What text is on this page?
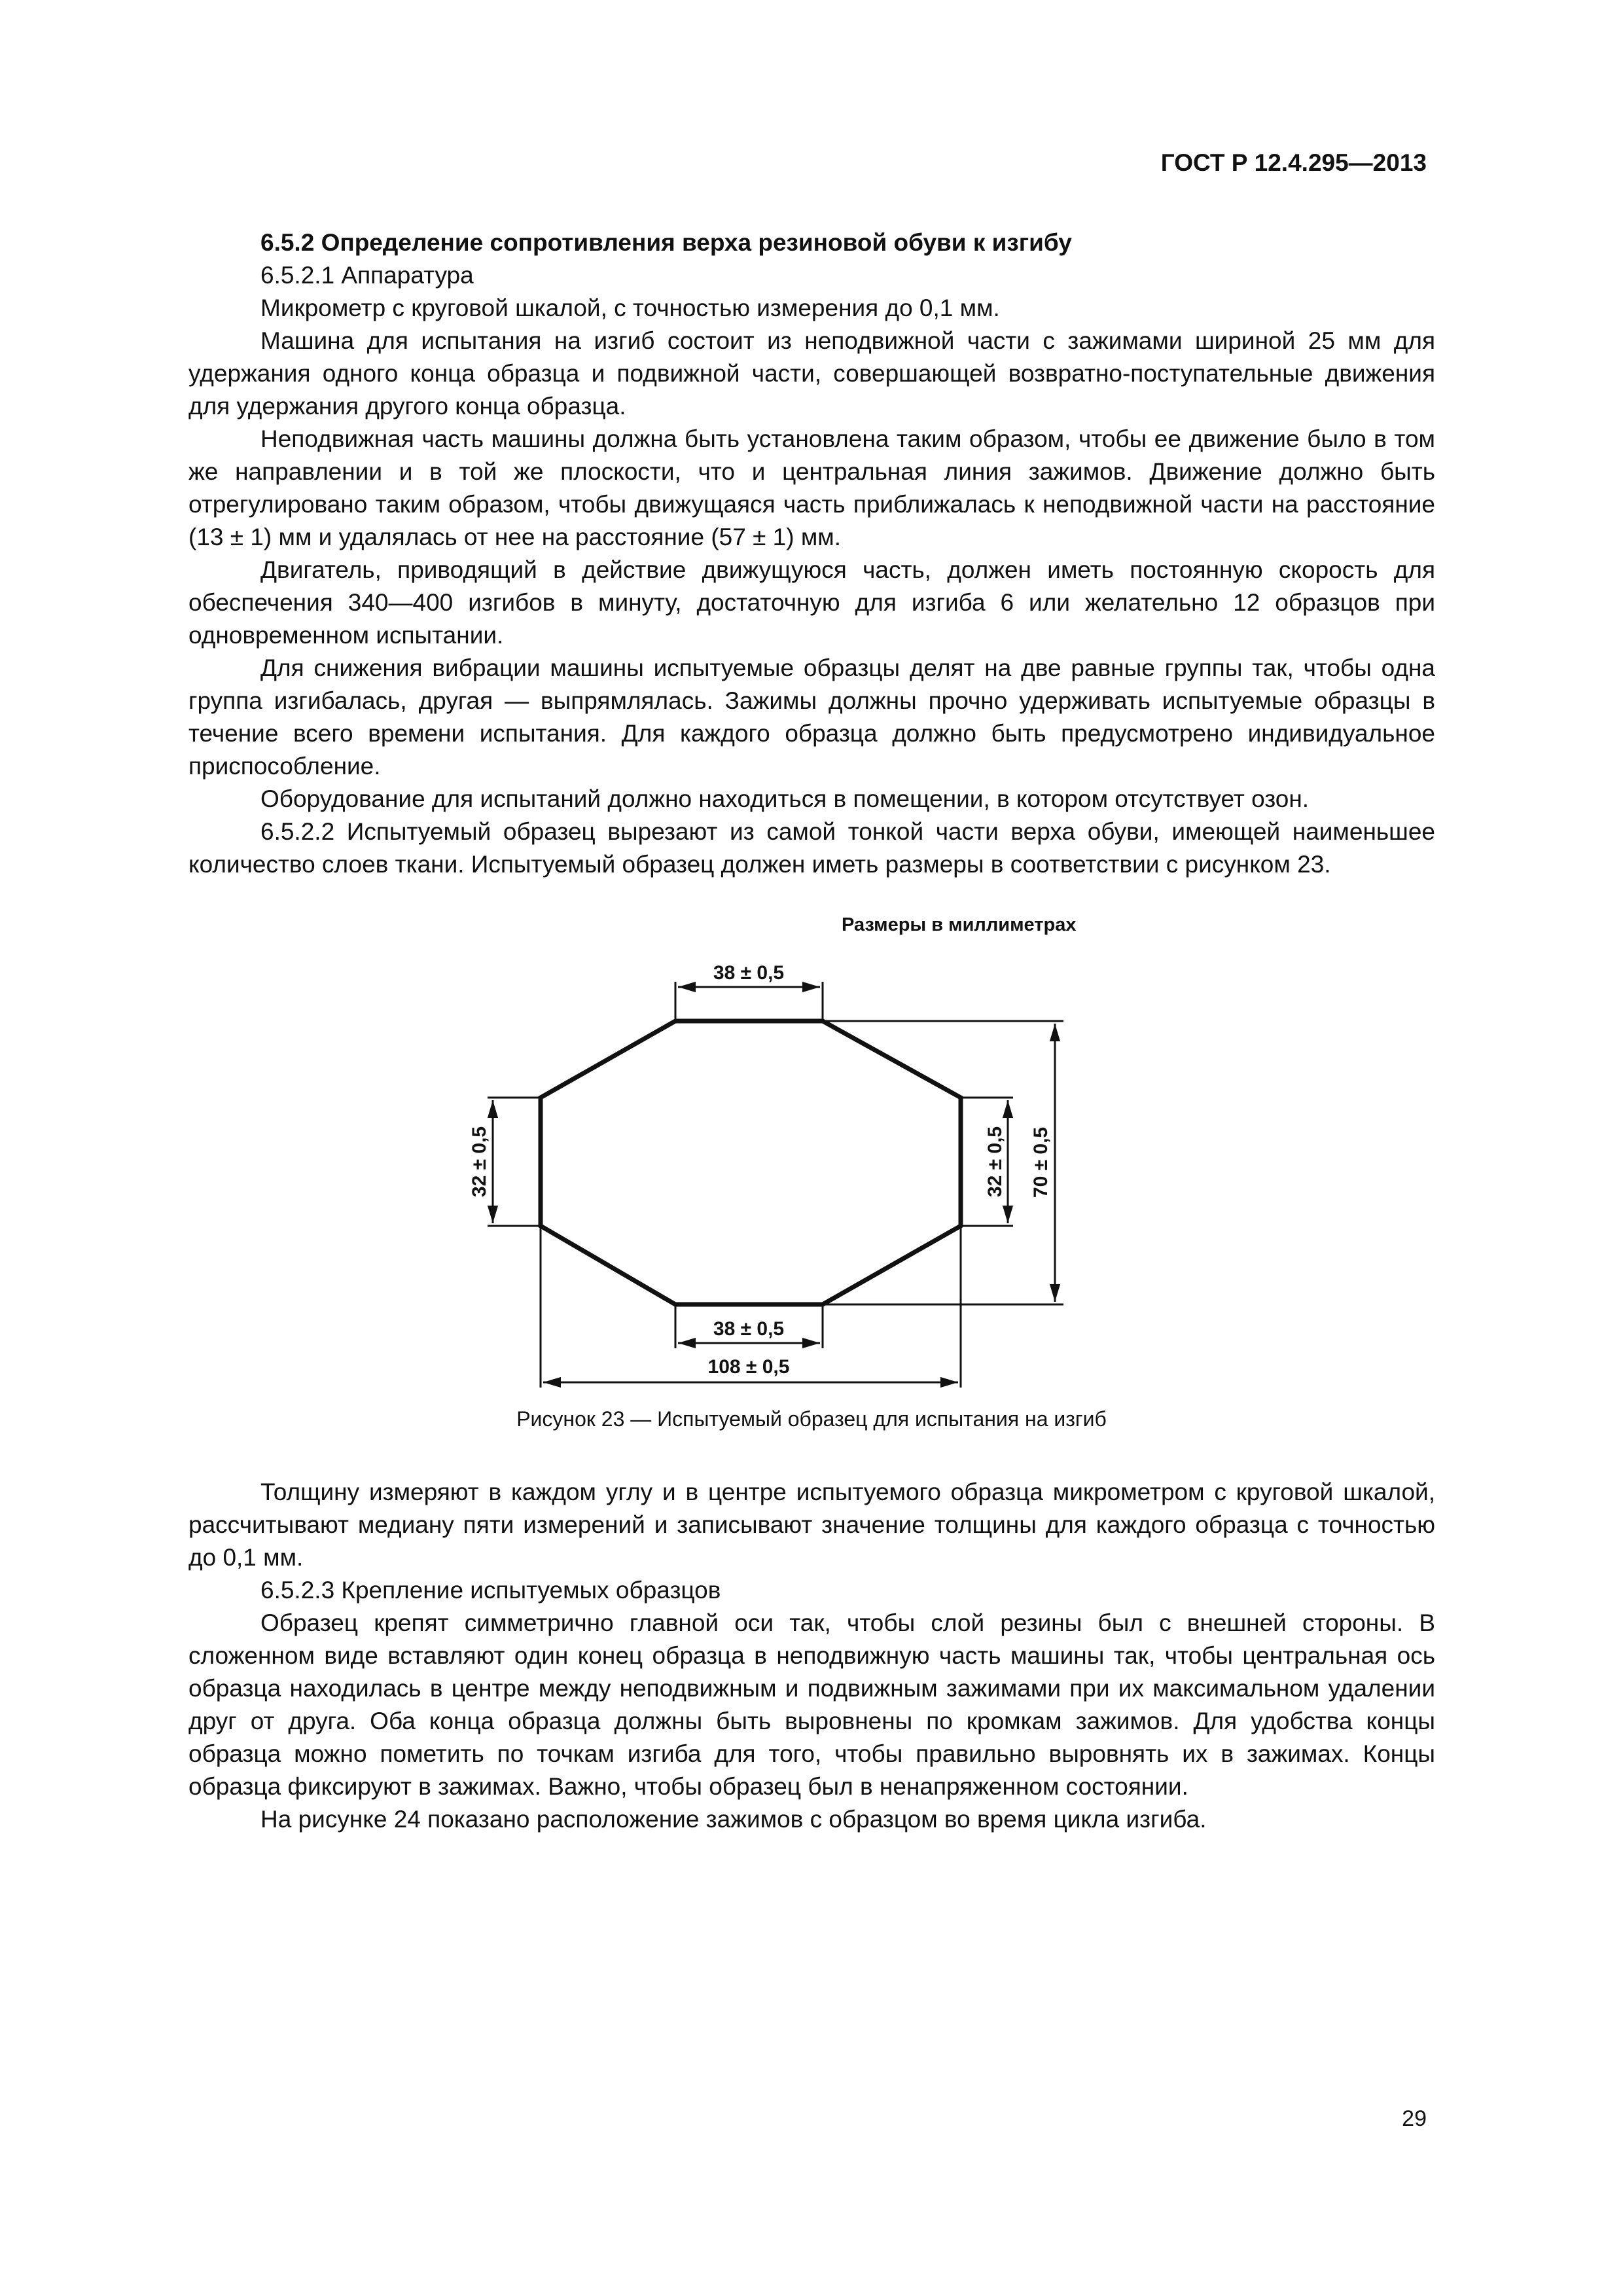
ГОСТ Р 12.4.295—2013

6.5.2 Определение сопротивления верха резиновой обуви к изгибу

6.5.2.1 Аппаратура

Микрометр с круговой шкалой, с точностью измерения до 0,1 мм.

Машина для испытания на изгиб состоит из неподвижной части с зажимами шириной 25 мм для удержания одного конца образца и подвижной части, совершающей возвратно-поступательные движения для удержания другого конца образца.

Неподвижная часть машины должна быть установлена таким образом, чтобы ее движение было в том же направлении и в той же плоскости, что и центральная линия зажимов. Движение должно быть отрегулировано таким образом, чтобы движущаяся часть приближалась к неподвижной части на расстояние (13 ± 1) мм и удалялась от нее на расстояние (57 ± 1) мм.

Двигатель, приводящий в действие движущуюся часть, должен иметь постоянную скорость для обеспечения 340—400 изгибов в минуту, достаточную для изгиба 6 или желательно 12 образцов при одновременном испытании.

Для снижения вибрации машины испытуемые образцы делят на две равные группы так, чтобы одна группа изгибалась, другая — выпрямлялась. Зажимы должны прочно удерживать испытуемые образцы в течение всего времени испытания. Для каждого образца должно быть предусмотрено индивидуальное приспособление.

Оборудование для испытаний должно находиться в помещении, в котором отсутствует озон.

6.5.2.2 Испытуемый образец вырезают из самой тонкой части верха обуви, имеющей наименьшее количество слоев ткани. Испытуемый образец должен иметь размеры в соответствии с рисунком 23.

Размеры в миллиметрах
38 ± 0,5
38 ± 0,5
108 ± 0,5
32 ± 0,5	32 ± 0,5 70 ± 0,5
Рисунок 23 — Испытуемый образец для испытания на изгиб

Толщину измеряют в каждом углу и в центре испытуемого образца микрометром с круговой шкалой, рассчитывают медиану пяти измерений и записывают значение толщины для каждого образца с точностью до 0,1 мм.

6.5.2.3 Крепление испытуемых образцов

Образец крепят симметрично главной оси так, чтобы слой резины был с внешней стороны. В сложенном виде вставляют один конец образца в неподвижную часть машины так, чтобы центральная ось образца находилась в центре между неподвижным и подвижным зажимами при их максимальном удалении друг от друга. Оба конца образца должны быть выровнены по кромкам зажимов. Для удобства концы образца можно пометить по точкам изгиба для того, чтобы правильно выровнять их в зажимах. Концы образца фиксируют в зажимах. Важно, чтобы образец был в ненапряженном состоянии.

На рисунке 24 показано расположение зажимов с образцом во время цикла изгиба.

29
